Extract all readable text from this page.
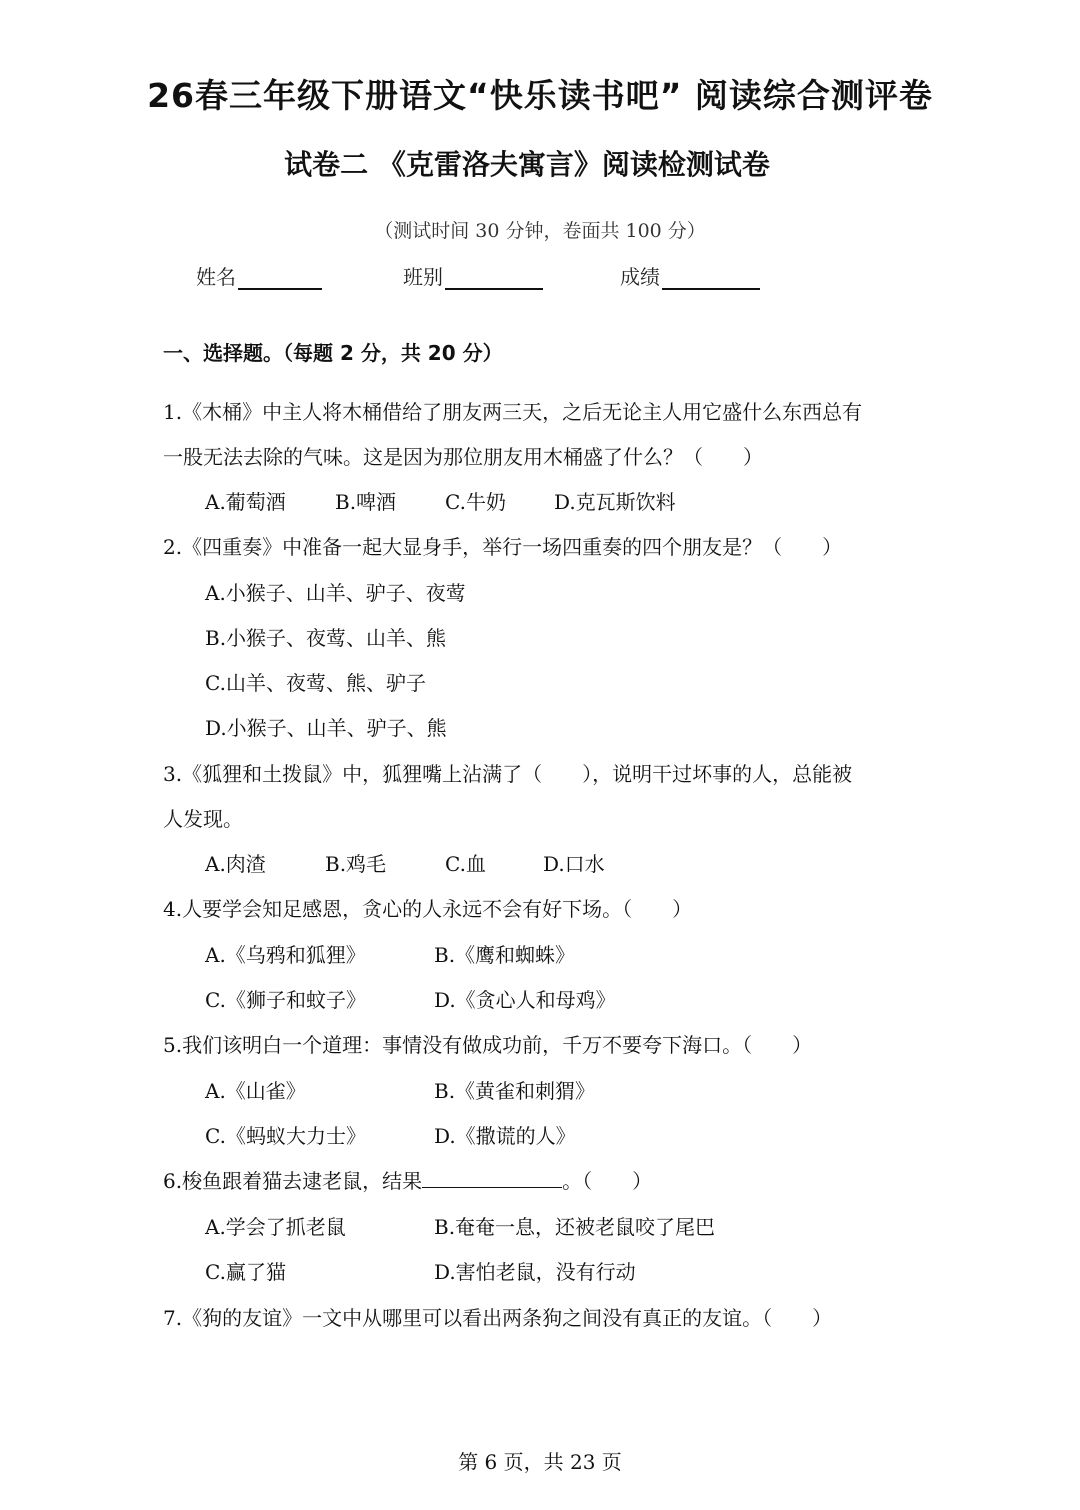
26春三年级下册语文“快乐读书吧” 阅读综合测评卷
试卷二 《克雷洛夫寓言》阅读检测试卷
（测试时间 30 分钟，卷面共 100 分）
姓名	班别	成绩
一、选择题。（每题 2 分，共 20 分）
1.《木桶》中主人将木桶借给了朋友两三天，之后无论主人用它盛什么东西总有
一股无法去除的气味。这是因为那位朋友用木桶盛了什么？（　　）
A.葡萄酒 B.啤酒 C.牛奶 D.克瓦斯饮料
2.《四重奏》中准备一起大显身手，举行一场四重奏的四个朋友是？（　　）
A.小猴子、山羊、驴子、夜莺
B.小猴子、夜莺、山羊、熊
C.山羊、夜莺、熊、驴子
D.小猴子、山羊、驴子、熊
3.《狐狸和土拨鼠》中，狐狸嘴上沾满了（　　），说明干过坏事的人，总能被
人发现。
A.肉渣	B.鸡毛	C.血	D.口水
4.人要学会知足感恩，贪心的人永远不会有好下场。（　　）
A.《乌鸦和狐狸》	B.《鹰和蜘蛛》
C.《狮子和蚊子》	D.《贪心人和母鸡》
5.我们该明白一个道理：事情没有做成功前，千万不要夸下海口。（　　）
A.《山雀》	B.《黄雀和刺猬》
C.《蚂蚁大力士》	D.《撒谎的人》
6.梭鱼跟着猫去逮老鼠，结果	。（　　）
A.学会了抓老鼠	B.奄奄一息，还被老鼠咬了尾巴
C.赢了猫	D.害怕老鼠，没有行动
7.《狗的友谊》一文中从哪里可以看出两条狗之间没有真正的友谊。（　　）
第 6 页，共 23 页
